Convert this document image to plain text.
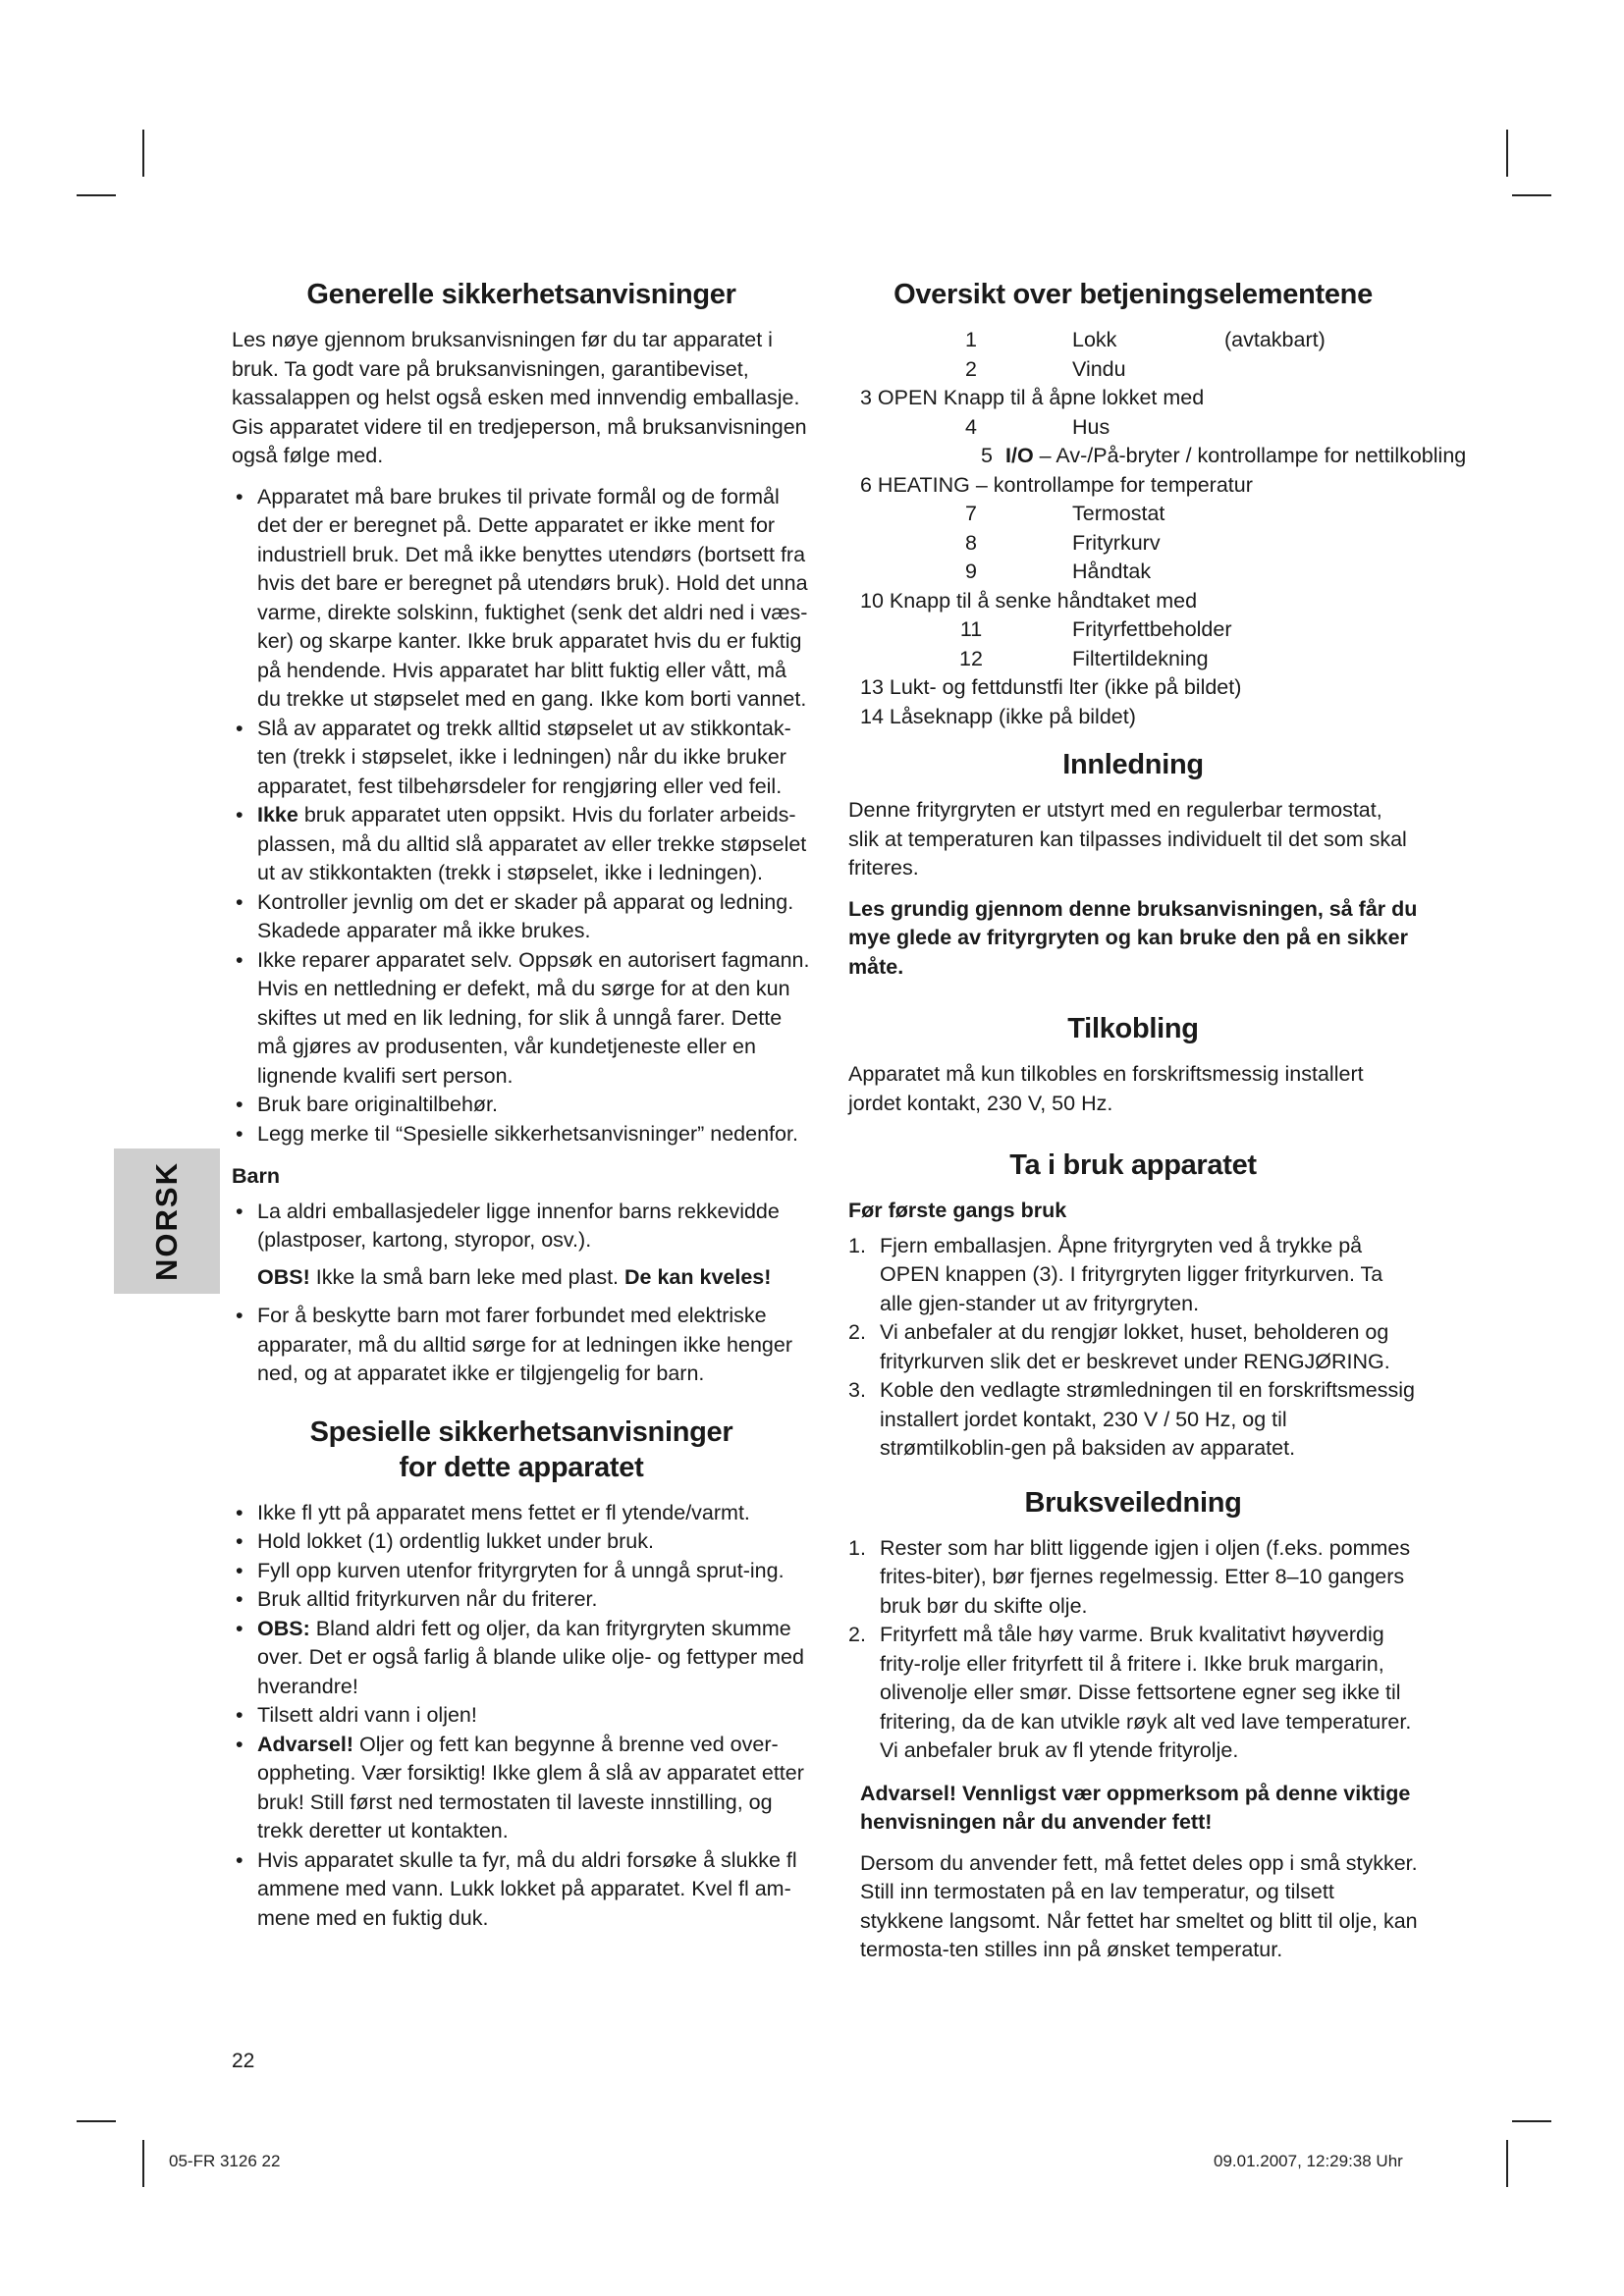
NORSK
Generelle sikkerhetsanvisninger

Les nøye gjennom bruksanvisningen før du tar apparatet i bruk. Ta godt vare på bruksanvisningen, garantibeviset, kassalappen og helst også esken med innvendig emballasje. Gis apparatet videre til en tredjeperson, må bruksanvisningen også følge med.

• Apparatet må bare brukes til private formål og de formål det der er beregnet på. Dette apparatet er ikke ment for industriell bruk. Det må ikke benyttes utendørs (bortsett fra hvis det bare er beregnet på utendørs bruk). Hold det unna varme, direkte solskinn, fuktighet (senk det aldri ned i væs-ker) og skarpe kanter. Ikke bruk apparatet hvis du er fuktig på hendende. Hvis apparatet har blitt fuktig eller vått, må du trekke ut støpselet med en gang. Ikke kom borti vannet.
• Slå av apparatet og trekk alltid støpselet ut av stikkontak-ten (trekk i støpselet, ikke i ledningen) når du ikke bruker apparatet, fest tilbehørsdeler for rengjøring eller ved feil.
• Ikke bruk apparatet uten oppsikt. Hvis du forlater arbeids-plassen, må du alltid slå apparatet av eller trekke støpselet ut av stikkontakten (trekk i støpselet, ikke i ledningen).
• Kontroller jevnlig om det er skader på apparat og ledning. Skadede apparater må ikke brukes.
• Ikke reparer apparatet selv. Oppsøk en autorisert fagmann. Hvis en nettledning er defekt, må du sørge for at den kun skiftes ut med en lik ledning, for slik å unngå farer. Dette må gjøres av produsenten, vår kundetjeneste eller en lignende kvalifi sert person.
• Bruk bare originaltilbehør.
• Legg merke til “Spesielle sikkerhetsanvisninger” nedenfor.
Barn
• La aldri emballasjedeler ligge innenfor barns rekkevidde (plastposer, kartong, styropor, osv.).

OBS! Ikke la små barn leke med plast. De kan kveles!

• For å beskytte barn mot farer forbundet med elektriske apparater, må du alltid sørge for at ledningen ikke henger ned, og at apparatet ikke er tilgjengelig for barn.
Spesielle sikkerhetsanvisninger
for dette apparatet
• Ikke fl ytt på apparatet mens fettet er fl ytende/varmt.
• Hold lokket (1) ordentlig lukket under bruk.
• Fyll opp kurven utenfor frityrgryten for å unngå sprut-ing.
• Bruk alltid frityrkurven når du friterer.
• OBS: Bland aldri fett og oljer, da kan frityrgryten skumme over. Det er også farlig å blande ulike olje- og fettyper med hverandre!
• Tilsett aldri vann i oljen!
• Advarsel! Oljer og fett kan begynne å brenne ved over-oppheting. Vær forsiktig! Ikke glem å slå av apparatet etter bruk! Still først ned termostaten til laveste innstilling, og trekk deretter ut kontakten.
• Hvis apparatet skulle ta fyr, må du aldri forsøke å slukke fl ammene med vann. Lukk lokket på apparatet. Kvel fl am-mene med en fuktig duk.
Oversikt over betjeningselementene
1	Lokk	(avtakbart)
2	Vindu
3 OPEN Knapp til å åpne lokket med
4	Hus
5 I/O – Av-/På-bryter / kontrollampe for nettilkobling
6 HEATING – kontrollampe for temperatur
7	Termostat
8	Frityrkurv
9	Håndtak
10 Knapp til å senke håndtaket med
11	Frityrfettbeholder
12	Filtertildekning
13 Lukt- og fettdunstfi lter (ikke på bildet)
14 Låseknapp (ikke på bildet)
Innledning

Denne frityrgryten er utstyrt med en regulerbar termostat, slik at temperaturen kan tilpasses individuelt til det som skal friteres.

Les grundig gjennom denne bruksanvisningen, så får du mye glede av frityrgryten og kan bruke den på en sikker måte.

Tilkobling

Apparatet må kun tilkobles en forskriftsmessig installert jordet kontakt, 230 V, 50 Hz.

Ta i bruk apparatet
Før første gangs bruk
1. Fjern emballasjen. Åpne frityrgryten ved å trykke på OPEN knappen (3). I frityrgryten ligger frityrkurven. Ta alle gjen-stander ut av frityrgryten.
2. Vi anbefaler at du rengjør lokket, huset, beholderen og frityrkurven slik det er beskrevet under RENGJØRING.
3. Koble den vedlagte strømledningen til en forskriftsmessig installert jordet kontakt, 230 V / 50 Hz, og til strømtilkoblin-gen på baksiden av apparatet.
Bruksveiledning
1. Rester som har blitt liggende igjen i oljen (f.eks. pommes frites-biter), bør fjernes regelmessig. Etter 8–10 gangers bruk bør du skifte olje.
2. Frityrfett må tåle høy varme. Bruk kvalitativt høyverdig frity-rolje eller frityrfett til å fritere i. Ikke bruk margarin, olivenolje eller smør. Disse fettsortene egner seg ikke til fritering, da de kan utvikle røyk alt ved lave temperaturer. Vi anbefaler bruk av fl ytende frityrolje.

Advarsel! Vennligst vær oppmerksom på denne viktige henvisningen når du anvender fett!

Dersom du anvender fett, må fettet deles opp i små stykker. Still inn termostaten på en lav temperatur, og tilsett stykkene langsomt. Når fettet har smeltet og blitt til olje, kan termosta-ten stilles inn på ønsket temperatur.

22
05-FR 3126 22	09.01.2007, 12:29:38 Uhr
